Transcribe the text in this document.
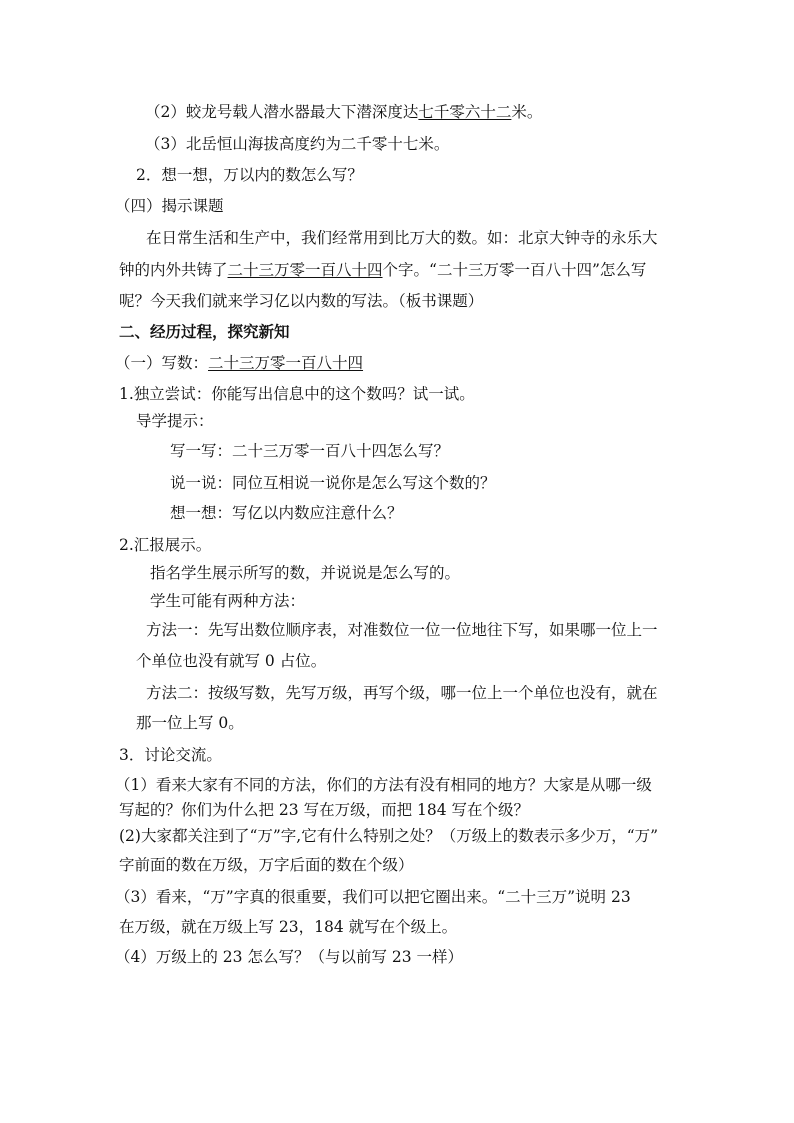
（2）蛟龙号载人潜水器最大下潜深度达七千零六十二米。
（3）北岳恒山海拔高度约为二千零十七米。
2．想一想，万以内的数怎么写？
（四）揭示课题
在日常生活和生产中，我们经常用到比万大的数。如：北京大钟寺的永乐大
钟的内外共铸了二十三万零一百八十四个字。“二十三万零一百八十四”怎么写
呢？今天我们就来学习亿以内数的写法。（板书课题）
二、经历过程，探究新知
（一）写数：二十三万零一百八十四
1.独立尝试：你能写出信息中的这个数吗？试一试。
导学提示：
写一写：二十三万零一百八十四怎么写？
说一说：同位互相说一说你是怎么写这个数的？
想一想：写亿以内数应注意什么？
2.汇报展示。
指名学生展示所写的数，并说说是怎么写的。
学生可能有两种方法：
方法一：先写出数位顺序表，对准数位一位一位地往下写，如果哪一位上一
个单位也没有就写 0 占位。
方法二：按级写数，先写万级，再写个级，哪一位上一个单位也没有，就在
那一位上写 0。
3．讨论交流。
（1）看来大家有不同的方法，你们的方法有没有相同的地方？大家是从哪一级
写起的？你们为什么把 23 写在万级，而把 184 写在个级？
(2)大家都关注到了“万”字,它有什么特别之处？（万级上的数表示多少万，“万”
字前面的数在万级，万字后面的数在个级）
（3）看来，“万”字真的很重要，我们可以把它圈出来。“二十三万”说明 23
在万级，就在万级上写 23，184 就写在个级上。
（4）万级上的 23 怎么写？（与以前写 23 一样）
